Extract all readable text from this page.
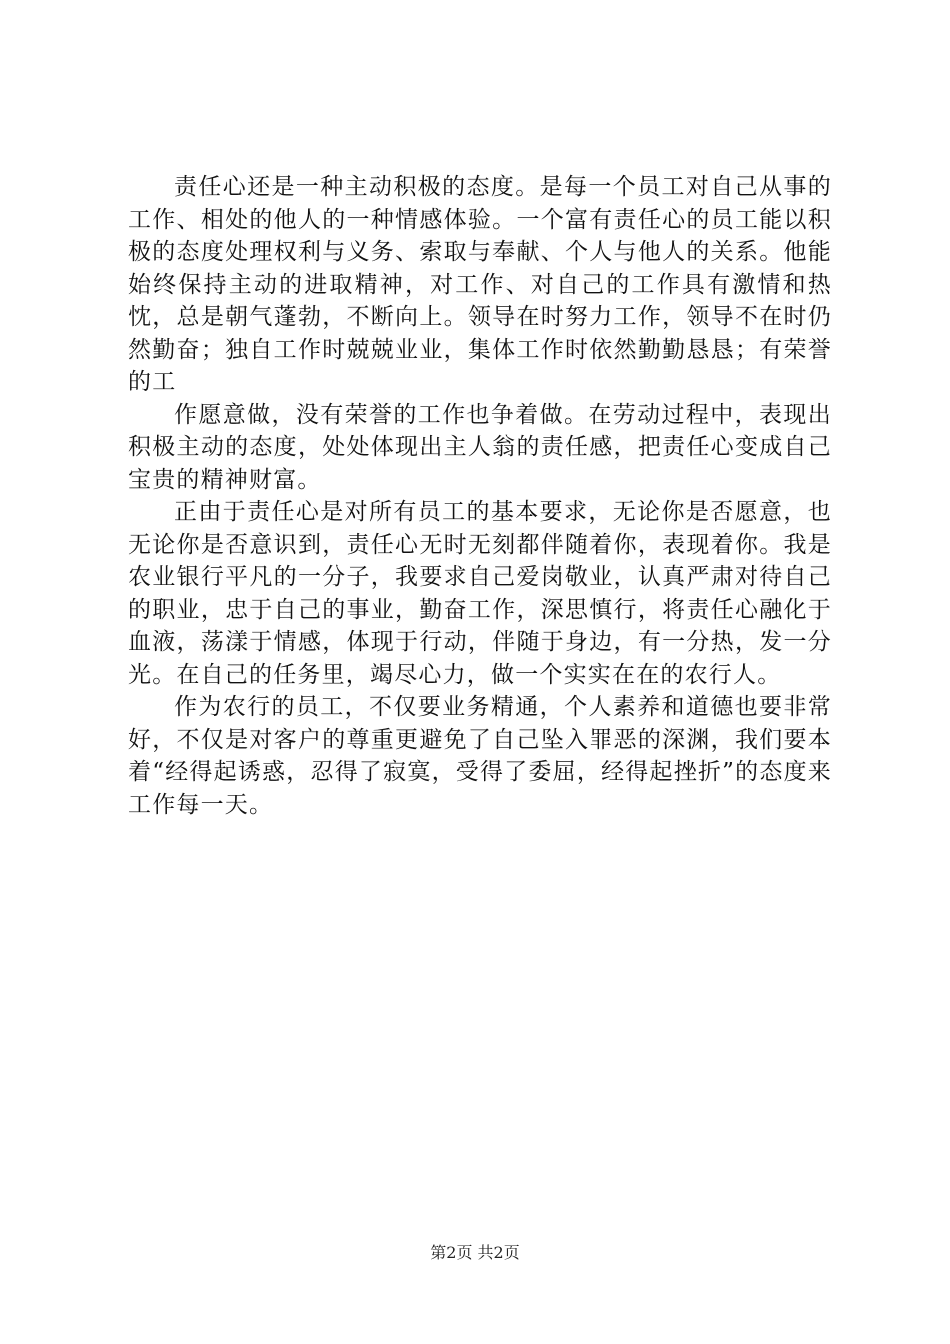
责任心还是一种主动积极的态度。是每一个员工对自己从事的工作、相处的他人的一种情感体验。一个富有责任心的员工能以积极的态度处理权利与义务、索取与奉献、个人与他人的关系。他能始终保持主动的进取精神，对工作、对自己的工作具有激情和热忱，总是朝气蓬勃，不断向上。领导在时努力工作，领导不在时仍然勤奋；独自工作时兢兢业业，集体工作时依然勤勤恳恳；有荣誉的工

作愿意做，没有荣誉的工作也争着做。在劳动过程中，表现出积极主动的态度，处处体现出主人翁的责任感，把责任心变成自己宝贵的精神财富。

正由于责任心是对所有员工的基本要求，无论你是否愿意，也无论你是否意识到，责任心无时无刻都伴随着你，表现着你。我是农业银行平凡的一分子，我要求自己爱岗敬业，认真严肃对待自己的职业，忠于自己的事业，勤奋工作，深思慎行，将责任心融化于血液，荡漾于情感，体现于行动，伴随于身边，有一分热，发一分光。在自己的任务里，竭尽心力，做一个实实在在的农行人。

作为农行的员工，不仅要业务精通，个人素养和道德也要非常好，不仅是对客户的尊重更避免了自己坠入罪恶的深渊，我们要本着“经得起诱惑，忍得了寂寞，受得了委屈，经得起挫折”的态度来工作每一天。

第2页 共2页
